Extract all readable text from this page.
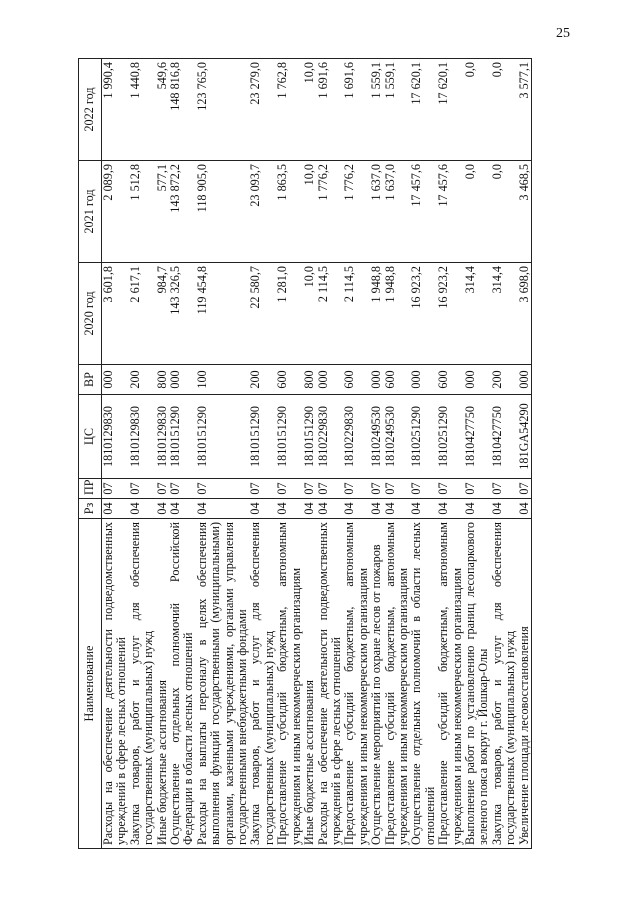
25
Наименование	Рз	ПР	ЦС	ВР	2020 год	2021 год	2022 год
Расходы на обеспечение деятельности подведомственных учреждений в сфере лесных отношений	04	07	1810129830	000	3 601,8	2 089,9	1 990,4
Закупка товаров, работ и услуг для обеспечения государственных (муниципальных) нужд	04	07	1810129830	200	2 617,1	1 512,8	1 440,8
Иные бюджетные ассигнования	04	07	1810129830	800	984,7	577,1	549,6
Осуществление отдельных полномочий Российской Федерации в области лесных отношений	04	07	1810151290	000	143 326,5	143 872,2	148 816,8
Расходы на выплаты персоналу в целях обеспечения выполнения функций государственными (муниципальными) органами, казенными учреждениями, органами управления государственными внебюджетными фондами	04	07	1810151290	100	119 454,8	118 905,0	123 765,0
Закупка товаров, работ и услуг для обеспечения государственных (муниципальных) нужд	04	07	1810151290	200	22 580,7	23 093,7	23 279,0
Предоставление субсидий бюджетным, автономным учреждениям и иным некоммерческим организациям	04	07	1810151290	600	1 281,0	1 863,5	1 762,8
Иные бюджетные ассигнования	04	07	1810151290	800	10,0	10,0	10,0
Расходы на обеспечение деятельности подведомственных учреждений в сфере лесных отношений	04	07	1810229830	000	2 114,5	1 776,2	1 691,6
Предоставление субсидий бюджетным, автономным учреждениям и иным некоммерческим организациям	04	07	1810229830	600	2 114,5	1 776,2	1 691,6
Осуществление мероприятий по охране лесов от пожаров	04	07	1810249530	000	1 948,8	1 637,0	1 559,1
Предоставление субсидий бюджетным, автономным учреждениям и иным некоммерческим организациям	04	07	1810249530	600	1 948,8	1 637,0	1 559,1
Осуществление отдельных полномочий в области лесных отношений	04	07	1810251290	000	16 923,2	17 457,6	17 620,1
Предоставление субсидий бюджетным, автономным учреждениям и иным некоммерческим организациям	04	07	1810251290	600	16 923,2	17 457,6	17 620,1
Выполнение работ по установлению границ лесопаркового зеленого пояса вокруг г. Йошкар-Олы	04	07	1810427750	000	314,4	0,0	0,0
Закупка товаров, работ и услуг для обеспечения государственных (муниципальных) нужд	04	07	1810427750	200	314,4	0,0	0,0
Увеличение площади лесовосстановления	04	07	181GA54290	000	3 698,0	3 468,5	3 577,1
